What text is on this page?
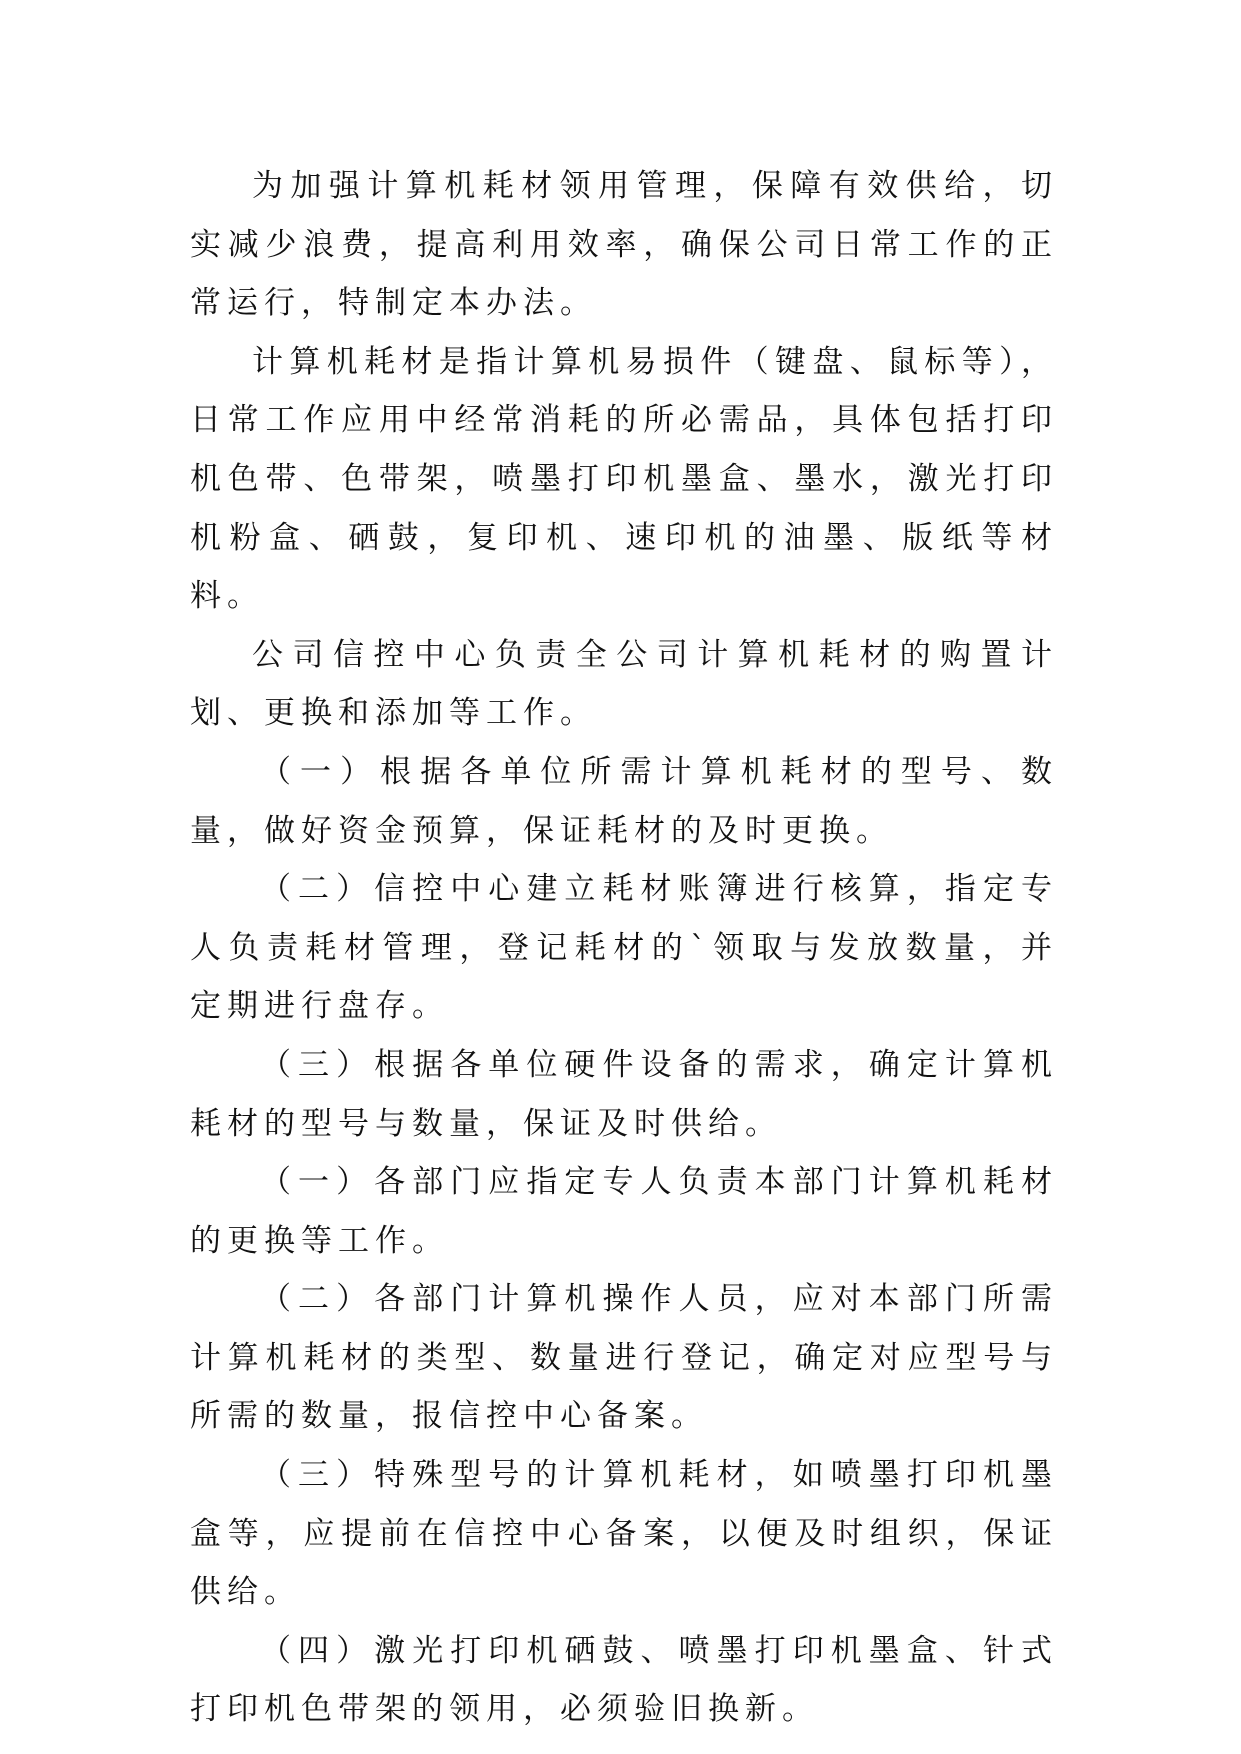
为加强计算机耗材领用管理，保障有效供给，切实减少浪费，提高利用效率，确保公司日常工作的正常运行，特制定本办法。

计算机耗材是指计算机易损件（键盘、鼠标等），日常工作应用中经常消耗的所必需品，具体包括打印机色带、色带架，喷墨打印机墨盒、墨水，激光打印机粉盒、硒鼓，复印机、速印机的油墨、版纸等材料。

公司信控中心负责全公司计算机耗材的购置计划、更换和添加等工作。

（一）根据各单位所需计算机耗材的型号、数量，做好资金预算，保证耗材的及时更换。

（二）信控中心建立耗材账簿进行核算，指定专人负责耗材管理，登记耗材的`领取与发放数量，并定期进行盘存。

（三）根据各单位硬件设备的需求，确定计算机耗材的型号与数量，保证及时供给。

（一）各部门应指定专人负责本部门计算机耗材的更换等工作。

（二）各部门计算机操作人员，应对本部门所需计算机耗材的类型、数量进行登记，确定对应型号与所需的数量，报信控中心备案。

（三）特殊型号的计算机耗材，如喷墨打印机墨盒等，应提前在信控中心备案，以便及时组织，保证供给。

（四）激光打印机硒鼓、喷墨打印机墨盒、针式打印机色带架的领用，必须验旧换新。
